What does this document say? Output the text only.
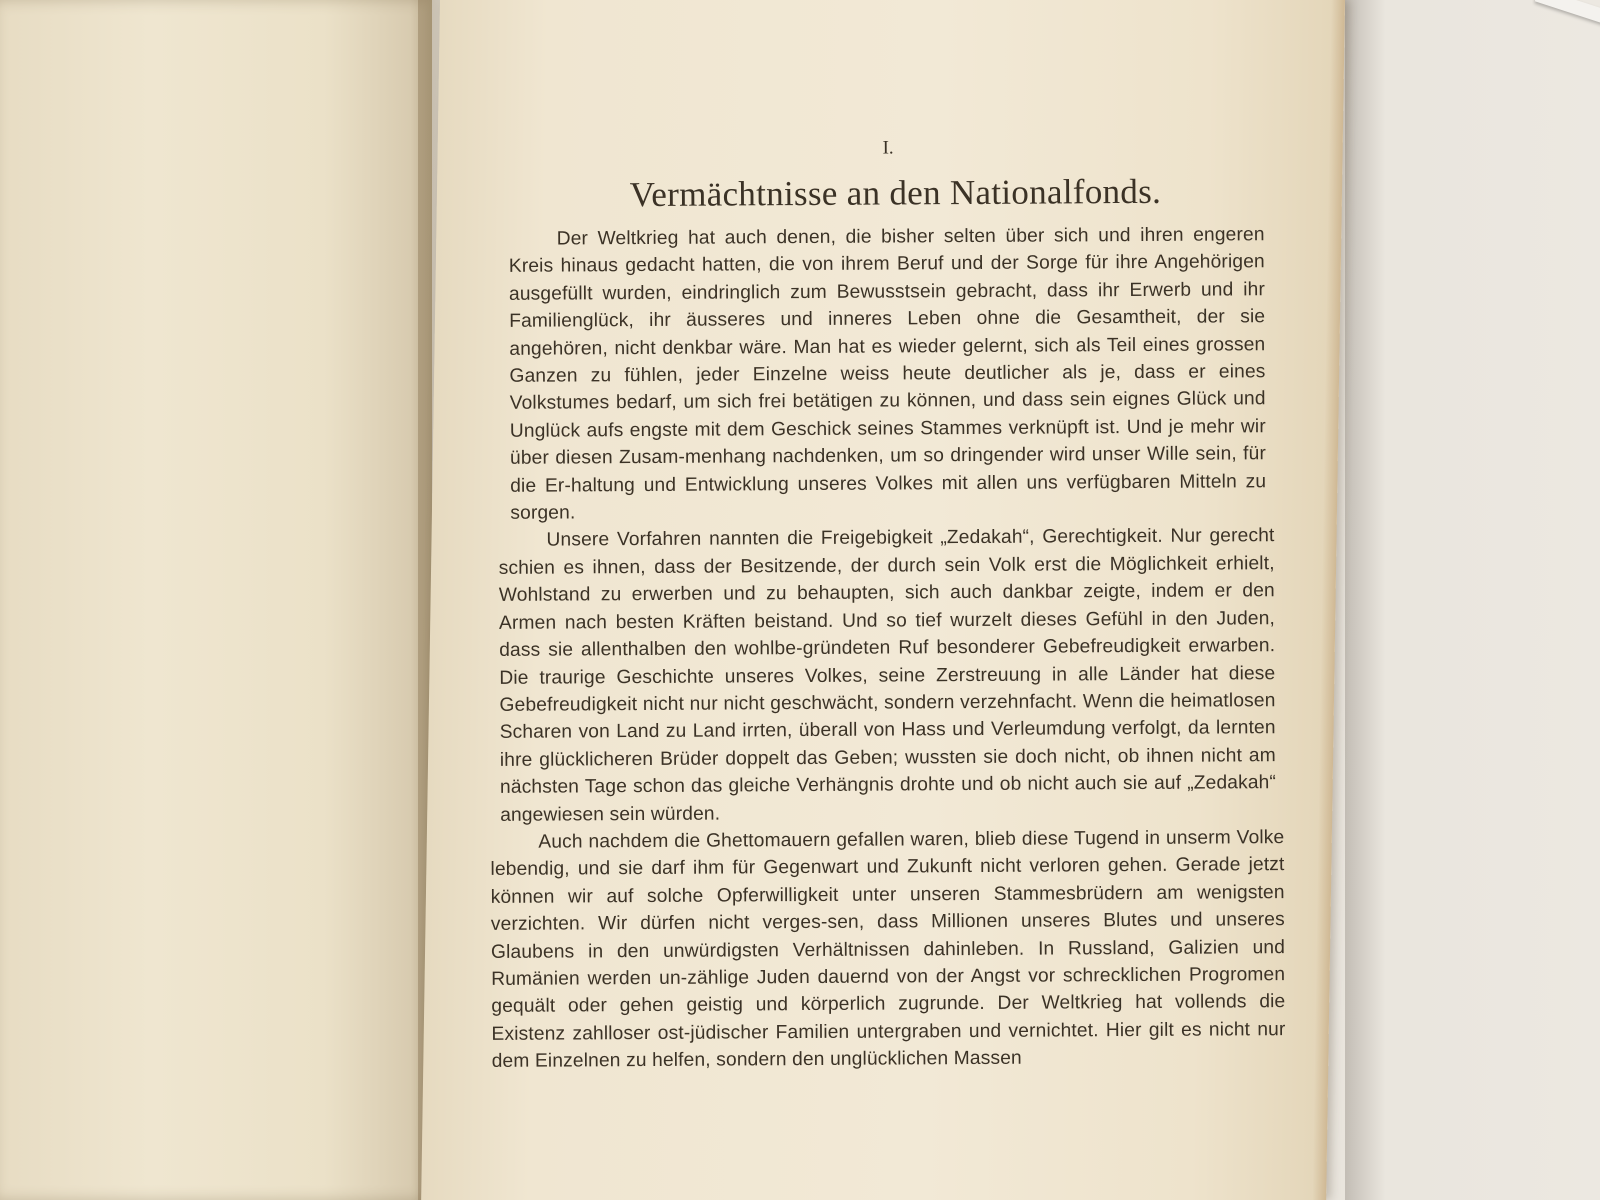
I.
Vermächtnisse an den Nationalfonds.

Der Weltkrieg hat auch denen, die bisher selten über sich und ihren engeren Kreis hinaus gedacht hatten, die von ihrem Beruf und der Sorge für ihre Angehörigen ausgefüllt wurden, eindringlich zum Bewusstsein gebracht, dass ihr Erwerb und ihr Familienglück, ihr äusseres und inneres Leben ohne die Gesamtheit, der sie angehören, nicht denkbar wäre. Man hat es wieder gelernt, sich als Teil eines grossen Ganzen zu fühlen, jeder Einzelne weiss heute deutlicher als je, dass er eines Volkstumes bedarf, um sich frei betätigen zu können, und dass sein eignes Glück und Unglück aufs engste mit dem Geschick seines Stammes verknüpft ist. Und je mehr wir über diesen Zusam-menhang nachdenken, um so dringender wird unser Wille sein, für die Er-haltung und Entwicklung unseres Volkes mit allen uns verfügbaren Mitteln zu sorgen.

Unsere Vorfahren nannten die Freigebigkeit „Zedakah“, Gerechtigkeit. Nur gerecht schien es ihnen, dass der Besitzende, der durch sein Volk erst die Möglichkeit erhielt, Wohlstand zu erwerben und zu behaupten, sich auch dankbar zeigte, indem er den Armen nach besten Kräften beistand. Und so tief wurzelt dieses Gefühl in den Juden, dass sie allenthalben den wohlbe-gründeten Ruf besonderer Gebefreudigkeit erwarben. Die traurige Geschichte unseres Volkes, seine Zerstreuung in alle Länder hat diese Gebefreudigkeit nicht nur nicht geschwächt, sondern verzehnfacht. Wenn die heimatlosen Scharen von Land zu Land irrten, überall von Hass und Verleumdung verfolgt, da lernten ihre glücklicheren Brüder doppelt das Geben; wussten sie doch nicht, ob ihnen nicht am nächsten Tage schon das gleiche Verhängnis drohte und ob nicht auch sie auf „Zedakah“ angewiesen sein würden.

Auch nachdem die Ghettomauern gefallen waren, blieb diese Tugend in unserm Volke lebendig, und sie darf ihm für Gegenwart und Zukunft nicht verloren gehen. Gerade jetzt können wir auf solche Opferwilligkeit unter unseren Stammesbrüdern am wenigsten verzichten. Wir dürfen nicht verges-sen, dass Millionen unseres Blutes und unseres Glaubens in den unwürdigsten Verhältnissen dahinleben. In Russland, Galizien und Rumänien werden un-zählige Juden dauernd von der Angst vor schrecklichen Progromen gequält oder gehen geistig und körperlich zugrunde. Der Weltkrieg hat vollends die Existenz zahlloser ost-jüdischer Familien untergraben und vernichtet. Hier gilt es nicht nur dem Einzelnen zu helfen, sondern den unglücklichen Massen
